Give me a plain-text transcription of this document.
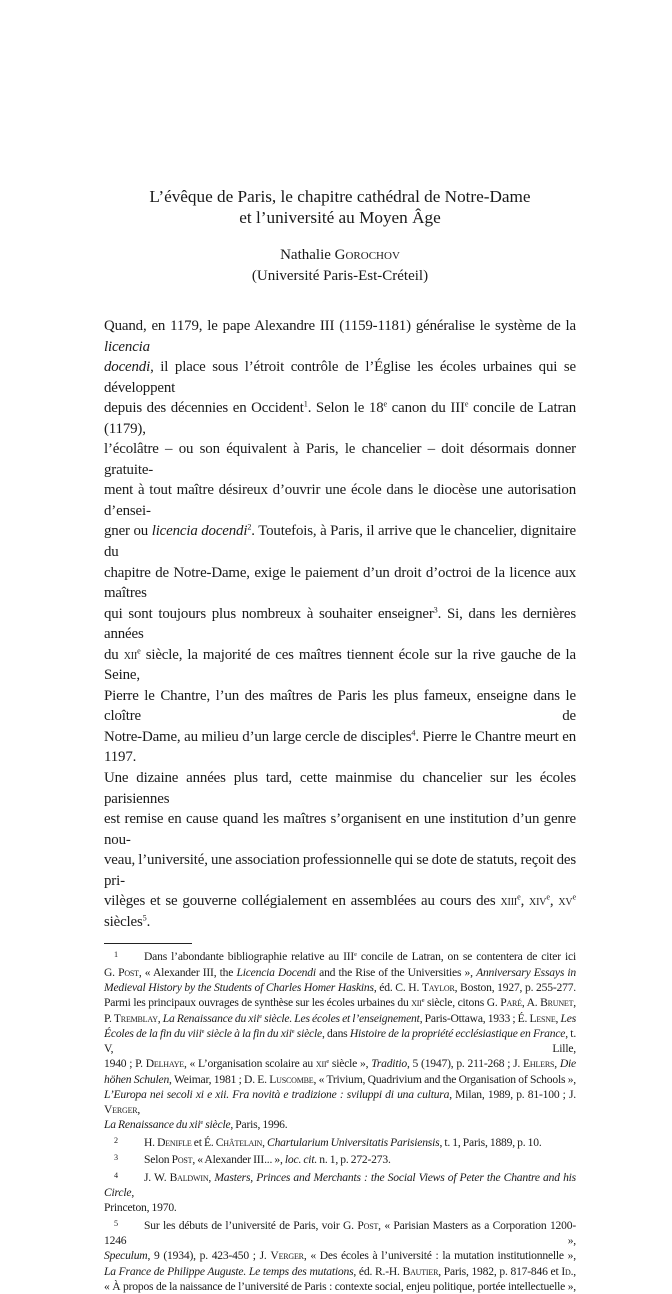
L’évêque de Paris, le chapitre cathédral de Notre-Dame
et l’université au Moyen Âge
Nathalie Gorochov
(Université Paris-Est-Créteil)
Quand, en 1179, le pape Alexandre III (1159-1181) généralise le système de la licencia
docendi, il place sous l’étroit contrôle de l’Église les écoles urbaines qui se développent
depuis des décennies en Occident$^1$. Selon le 18e canon du IIIe concile de Latran (1179),
l’écolâtre – ou son équivalent à Paris, le chancelier – doit désormais donner gratuite-
ment à tout maître désireux d’ouvrir une école dans le diocèse une autorisation d’ensei-
gner ou licencia docendi$^2$. Toutefois, à Paris, il arrive que le chancelier, dignitaire du
chapitre de Notre-Dame, exige le paiement d’un droit d’octroi de la licence aux maîtres
qui sont toujours plus nombreux à souhaiter enseigner$^3$. Si, dans les dernières années
du xii$^e$ siècle, la majorité de ces maîtres tiennent école sur la rive gauche de la Seine,
Pierre le Chantre, l’un des maîtres de Paris les plus fameux, enseigne dans le cloître de
Notre-Dame, au milieu d’un large cercle de disciples$^4$. Pierre le Chantre meurt en 1197.
Une dizaine années plus tard, cette mainmise du chancelier sur les écoles parisiennes
est remise en cause quand les maîtres s’organisent en une institution d’un genre nou-
veau, l’université, une association professionnelle qui se dote de statuts, reçoit des pri-
vilèges et se gouverne collégialement en assemblées au cours des xiii$^e$, xiv$^e$, $xv^e$ siècles$^5$.
$^1$ Dans l’abondante bibliographie relative au IIIe concile de Latran, on se contentera de citer ici
G. Post, « Alexander III, the Licencia Docendi and the Rise of the Universities », Anniversary Essays in
Medieval History by the Students of Charles Homer Haskins, éd. C. H. Taylor, Boston, 1927, p. 255-277.
Parmi les principaux ouvrages de synthèse sur les écoles urbaines du xii$^e$ siècle, citons G. Paré, A. Brunet,
P. Tremblay, La Renaissance du xii$^e$ siècle. Les écoles et l’enseignement, Paris-Ottawa, 1933 ; É. Lesne, Les
Écoles de la fin du viii$^e$ siècle à la fin du xii$^e$ siècle, dans Histoire de la propriété ecclésiastique en France, t. V, Lille,
1940 ; P. Delhaye, « L’organisation scolaire au xii$^e$ siècle », Traditio, 5 (1947), p. 211-268 ; J. Ehlers, Die
höhen Schulen, Weimar, 1981 ; D. E. Luscombe, « Trivium, Quadrivium and the Organisation of Schools »,
L’Europa nei secoli xi e xii. Fra novità e tradizione : sviluppi di una cultura, Milan, 1989, p. 81-100 ; J. Verger,
La Renaissance du xii$^e$ siècle, Paris, 1996.
$^2$ H. Denifle et É. Châtelain, Chartularium Universitatis Parisiensis, t. 1, Paris, 1889, p. 10.
$^3$ Selon Post, « Alexander III... », loc. cit. n. 1, p. 272-273.
$^4$ J. W. Baldwin, Masters, Princes and Merchants : the Social Views of Peter the Chantre and his Circle,
Princeton, 1970.
$^5$ Sur les débuts de l’université de Paris, voir G. Post, « Parisian Masters as a Corporation 1200-1246 »,
Speculum, 9 (1934), p. 423-450 ; J. Verger, « Des écoles à l’université : la mutation institutionnelle »,
La France de Philippe Auguste. Le temps des mutations, éd. R.-H. Bautier, Paris, 1982, p. 817-846 et Id.,
« À propos de la naissance de l’université de Paris : contexte social, enjeu politique, portée intellectuelle »,
